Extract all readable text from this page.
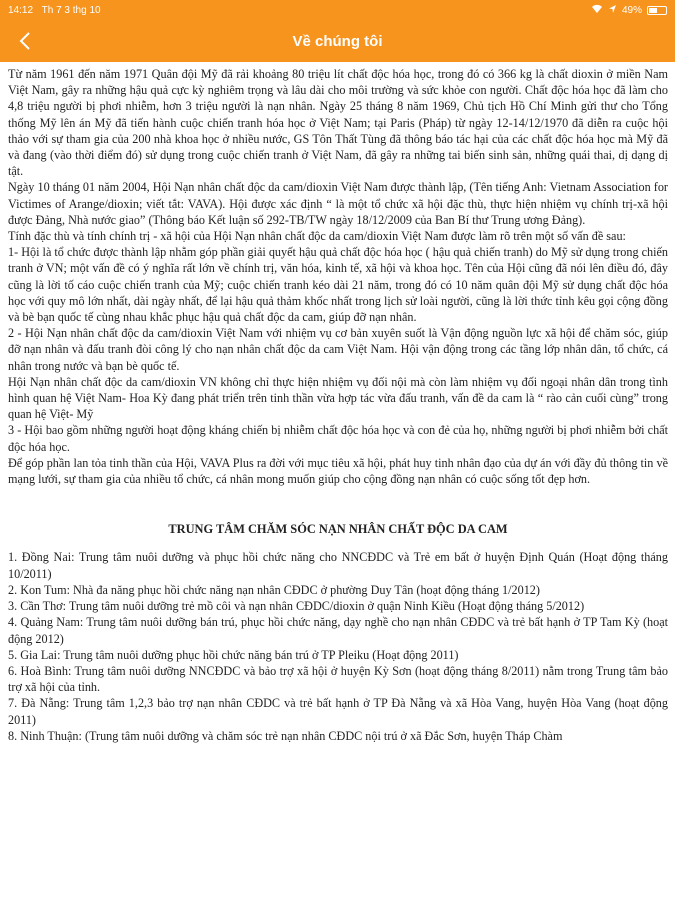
14:12 Th 7 3 thg 10	49%
Về chúng tôi

Từ năm 1961 đến năm 1971 Quân đội Mỹ đã rải khoảng 80 triệu lít chất độc hóa học, trong đó có 366 kg là chất dioxin ở miền Nam Việt Nam, gây ra những hậu quả cực kỳ nghiêm trọng và lâu dài cho môi trường và sức khỏe con người. Chất độc hóa học đã làm cho 4,8 triệu người bị phơi nhiễm, hơn 3 triệu người là nạn nhân. Ngày 25 tháng 8 năm 1969, Chủ tịch Hồ Chí Minh gửi thư cho Tổng thống Mỹ lên án Mỹ đã tiến hành cuộc chiến tranh hóa học ở Việt Nam; tại Paris (Pháp) từ ngày 12-14/12/1970 đã diễn ra cuộc hội thảo với sự tham gia của 200 nhà khoa học ở nhiều nước, GS Tôn Thất Tùng đã thông báo tác hại của các chất độc hóa học mà Mỹ đã và đang (vào thời điểm đó) sử dụng trong cuộc chiến tranh ở Việt Nam, đã gây ra những tai biến sinh sản, những quái thai, dị dạng dị tật.

Ngày 10 tháng 01 năm 2004, Hội Nạn nhân chất độc da cam/dioxin Việt Nam được thành lập, (Tên tiếng Anh: Vietnam Association for Victimes of Arange/dioxin; viết tắt: VAVA). Hội được xác định “ là một tổ chức xã hội đặc thù, thực hiện nhiệm vụ chính trị-xã hội được Đảng, Nhà nước giao” (Thông báo Kết luận số 292-TB/TW ngày 18/12/2009 của Ban Bí thư Trung ương Đảng).

Tính đặc thù và tính chính trị - xã hội của Hội Nạn nhân chất độc da cam/dioxin Việt Nam được làm rõ trên một số vấn đề sau:

1- Hội là tổ chức được thành lập nhằm góp phần giải quyết hậu quả chất độc hóa học ( hậu quả chiến tranh) do Mỹ sử dụng trong chiến tranh ở VN; một vấn đề có ý nghĩa rất lớn về chính trị, văn hóa, kinh tế, xã hội và khoa học. Tên của Hội cũng đã nói lên điều đó, đây cũng là lời tố cáo cuộc chiến tranh của Mỹ; cuộc chiến tranh kéo dài 21 năm, trong đó có 10 năm quân đội Mỹ sử dụng chất độc hóa học với quy mô lớn nhất, dài ngày nhất, để lại hậu quả thảm khốc nhất trong lịch sử loài người, cũng là lời thức tỉnh kêu gọi cộng đồng và bè bạn quốc tế cùng nhau khắc phục hậu quả chất độc da cam, giúp đỡ nạn nhân.

2 - Hội Nạn nhân chất độc da cam/dioxin Việt Nam với nhiệm vụ cơ bản xuyên suốt là Vận động nguồn lực xã hội để chăm sóc, giúp đỡ nạn nhân và đấu tranh đòi công lý cho nạn nhân chất độc da cam Việt Nam. Hội vận động trong các tầng lớp nhân dân, tổ chức, cá nhân trong nước và bạn bè quốc tế.

Hội Nạn nhân chất độc da cam/dioxin VN không chỉ thực hiện nhiệm vụ đối nội mà còn làm nhiệm vụ đối ngoại nhân dân trong tình hình quan hệ Việt Nam- Hoa Kỳ đang phát triển trên tinh thần vừa hợp tác vừa đấu tranh, vấn đề da cam là “ rào cản cuối cùng” trong quan hệ Việt- Mỹ

3 - Hội bao gồm những người hoạt động kháng chiến bị nhiễm chất độc hóa học và con đẻ của họ, những người bị phơi nhiễm bởi chất độc hóa học.

Để góp phần lan tỏa tinh thần của Hội, VAVA Plus ra đời với mục tiêu xã hội, phát huy tinh nhân đạo của dự án với đầy đủ thông tin về mạng lưới, sự tham gia của nhiều tổ chức, cá nhân mong muốn giúp cho cộng đồng nạn nhân có cuộc sống tốt đẹp hơn.

TRUNG TÂM CHĂM SÓC NẠN NHÂN CHẤT ĐỘC DA CAM

1. Đồng Nai: Trung tâm nuôi dưỡng và phục hồi chức năng cho NNCĐDC và Trẻ em bất ở huyện Định Quán (Hoạt động tháng 10/2011)

2. Kon Tum: Nhà đa năng phục hồi chức năng nạn nhân CĐDC ở phường Duy Tân (hoạt động tháng 1/2012)

3. Cần Thơ: Trung tâm nuôi dưỡng trẻ mồ côi và nạn nhân CĐDC/dioxin ở quận Ninh Kiều (Hoạt động tháng 5/2012)

4. Quảng Nam: Trung tâm nuôi dưỡng bán trú, phục hồi chức năng, dạy nghề cho nạn nhân CĐDC và trẻ bất hạnh ở TP Tam Kỳ (hoạt động 2012)

5. Gia Lai: Trung tâm nuôi dưỡng phục hồi chức năng bán trú ở TP Pleiku (Hoạt động 2011)

6. Hoà Bình: Trung tâm nuôi dưỡng NNCĐDC và bảo trợ xã hội ở huyện Kỳ Sơn (hoạt động tháng 8/2011) nằm trong Trung tâm bảo trợ xã hội của tỉnh.

7. Đà Nẵng: Trung tâm 1,2,3 bảo trợ nạn nhân CĐDC và trẻ bất hạnh ở TP Đà Nẵng và xã Hòa Vang, huyện Hòa Vang (hoạt động 2011)

8. Ninh Thuận: (Trung tâm nuôi dưỡng và chăm sóc trẻ nạn nhân CĐDC nội trú ở xã Đắc Sơn, huyện Tháp Chàm
